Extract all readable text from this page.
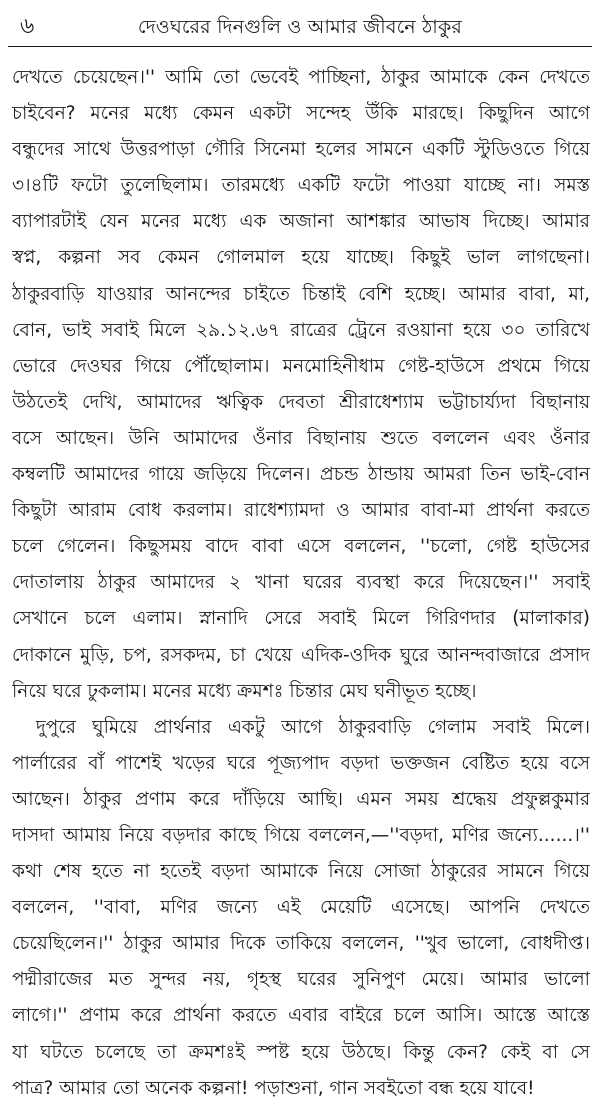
৬	দেওঘরের দিনগুলি ও আমার জীবনে ঠাকুর
দেখতে চেয়েছেন।'' আমি তো ভেবেই পাচ্ছিনা, ঠাকুর আমাকে কেন দেখতে
চাইবেন? মনের মধ্যে কেমন একটা সন্দেহ উঁকি মারছে। কিছুদিন আগে
বন্ধুদের সাথে উত্তরপাড়া গৌরি সিনেমা হলের সামনে একটি স্টুডিওতে গিয়ে
৩।৪টি ফটো তুলেছিলাম। তারমধ্যে একটি ফটো পাওয়া যাচ্ছে না। সমস্ত
ব্যাপারটাই যেন মনের মধ্যে এক অজানা আশঙ্কার আভাষ দিচ্ছে। আমার
স্বপ্ন, কল্পনা সব কেমন গোলমাল হয়ে যাচ্ছে। কিছুই ভাল লাগছেনা।
ঠাকুরবাড়ি যাওয়ার আনন্দের চাইতে চিন্তাই বেশি হচ্ছে। আমার বাবা, মা,
বোন, ভাই সবাই মিলে ২৯.১২.৬৭ রাত্রের ট্রেনে রওয়ানা হয়ে ৩০ তারিখে
ভোরে দেওঘর গিয়ে পৌঁছোলাম। মনমোহিনীধাম গেষ্ট-হাউসে প্রথমে গিয়ে
উঠতেই দেখি, আমাদের ঋত্বিক দেবতা শ্রীরাধেশ্যাম ভট্টাচার্য্যদা বিছানায়
বসে আছেন। উনি আমাদের ওঁনার বিছানায় শুতে বললেন এবং ওঁনার
কম্বলটি আমাদের গায়ে জড়িয়ে দিলেন। প্রচন্ড ঠান্ডায় আমরা তিন ভাই-বোন
কিছুটা আরাম বোধ করলাম। রাধেশ্যামদা ও আমার বাবা-মা প্রার্থনা করতে
চলে গেলেন। কিছুসময় বাদে বাবা এসে বললেন, ''চলো, গেষ্ট হাউসের
দোতালায় ঠাকুর আমাদের ২ খানা ঘরের ব্যবস্থা করে দিয়েছেন।'' সবাই
সেখানে চলে এলাম। স্নানাদি সেরে সবাই মিলে গিরিণদার (মালাকার)
দোকানে মুড়ি, চপ, রসকদম, চা খেয়ে এদিক-ওদিক ঘুরে আনন্দবাজারে প্রসাদ
নিয়ে ঘরে ঢুকলাম। মনের মধ্যে ক্রমশঃ চিন্তার মেঘ ঘনীভূত হচ্ছে।
দুপুরে ঘুমিয়ে প্রার্থনার একটু আগে ঠাকুরবাড়ি গেলাম সবাই মিলে।
পার্লারের বাঁ পাশেই খড়ের ঘরে পূজ্যপাদ বড়দা ভক্তজন বেষ্টিত হয়ে বসে
আছেন। ঠাকুর প্রণাম করে দাঁড়িয়ে আছি। এমন সময় শ্রদ্ধেয় প্রফুল্লকুমার
দাসদা আমায় নিয়ে বড়দার কাছে গিয়ে বললেন,—''বড়দা, মণির জন্যে......।''
কথা শেষ হতে না হতেই বড়দা আমাকে নিয়ে সোজা ঠাকুরের সামনে গিয়ে
বললেন, ''বাবা, মণির জন্যে এই মেয়েটি এসেছে। আপনি দেখতে
চেয়েছিলেন।'' ঠাকুর আমার দিকে তাকিয়ে বললেন, ''খুব ভালো, বোধদীপ্ত।
পদ্মীরাজের মত সুন্দর নয়, গৃহস্থ ঘরের সুনিপুণ মেয়ে। আমার ভালো
লাগে।'' প্রণাম করে প্রার্থনা করতে এবার বাইরে চলে আসি। আস্তে আস্তে
যা ঘটতে চলেছে তা ক্রমশঃই স্পষ্ট হয়ে উঠছে। কিন্তু কেন? কেই বা সে
পাত্র? আমার তো অনেক কল্পনা! পড়াশুনা, গান সবইতো বন্ধ হয়ে যাবে!
